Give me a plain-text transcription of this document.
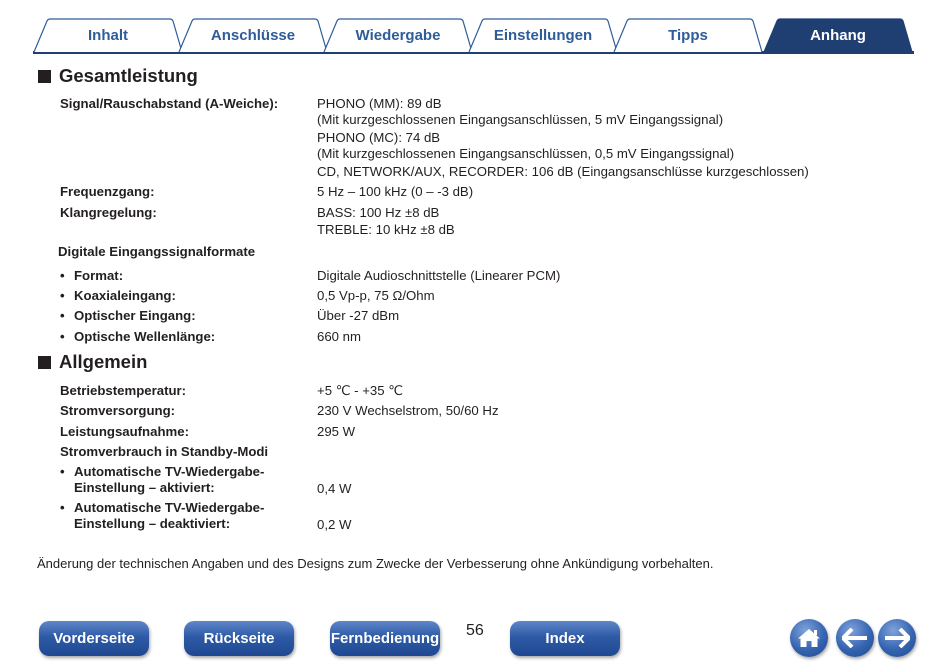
Inhalt	Anschlüsse	Wiedergabe	Einstellungen	Tipps	Anhang
Gesamtleistung
Signal/Rauschabstand (A-Weiche):	PHONO (MM): 89 dB
(Mit kurzgeschlossenen Eingangsanschlüssen, 5 mV Eingangssignal)
PHONO (MC): 74 dB
(Mit kurzgeschlossenen Eingangsanschlüssen, 0,5 mV Eingangssignal)
CD, NETWORK/AUX, RECORDER: 106 dB (Eingangsanschlüsse kurzgeschlossen)
Frequenzgang:	5 Hz – 100 kHz (0 – -3 dB)
Klangregelung:	BASS: 100 Hz ±8 dB
TREBLE: 10 kHz ±8 dB
Digitale Eingangssignalformate
• Format:	Digitale Audioschnittstelle (Linearer PCM)
• Koaxialeingang:	0,5 Vp-p, 75 Ω/Ohm
• Optischer Eingang:	Über -27 dBm
• Optische Wellenlänge:	660 nm
Allgemein
Betriebstemperatur:	+5 ℃ - +35 ℃
Stromversorgung:	230 V Wechselstrom, 50/60 Hz
Leistungsaufnahme:	295 W
Stromverbrauch in Standby-Modi
• Automatische TV-Wiedergabe-
Einstellung – aktiviert:	0,4 W
• Automatische TV-Wiedergabe-
Einstellung – deaktiviert:	0,2 W
Änderung der technischen Angaben und des Designs zum Zwecke der Verbesserung ohne Ankündigung vorbehalten.
Vorderseite	Rückseite	Fernbedienung 56	Index
